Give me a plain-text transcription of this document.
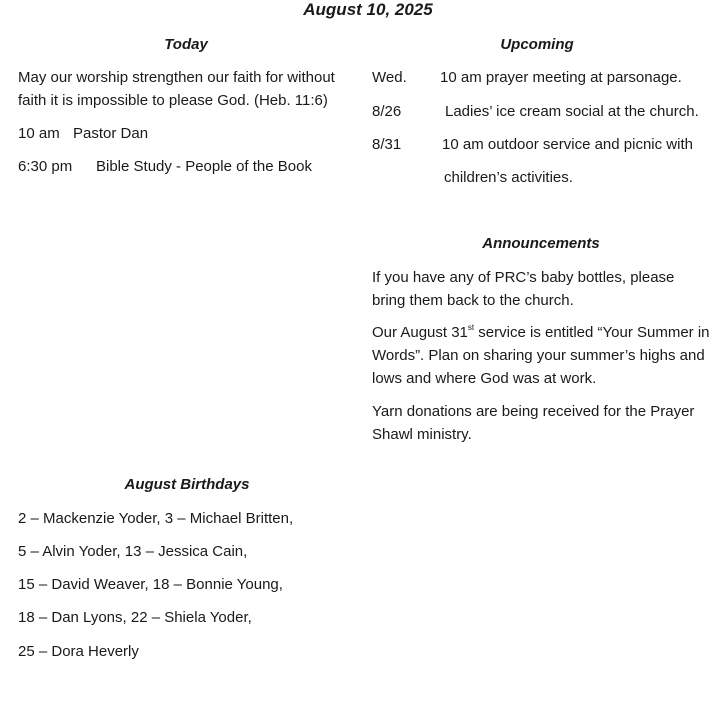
August 10, 2025
Today
May our worship strengthen our faith for without faith it is impossible to please God. (Heb. 11:6)
10 am Pastor Dan
6:30 pm Bible Study - People of the Book
Upcoming
Wed. 10 am prayer meeting at parsonage.
8/26	Ladies’ ice cream social at the church.
8/31	10 am outdoor service and picnic with
children’s activities.
Announcements
If you have any of PRC’s baby bottles, please bring them back to the church.
Our August 31st service is entitled “Your Summer in Words”. Plan on sharing your summer’s highs and lows and where God was at work.
Yarn donations are being received for the Prayer Shawl ministry.
August Birthdays
2 – Mackenzie Yoder, 3 – Michael Britten,
5 – Alvin Yoder, 13 – Jessica Cain,
15 – David Weaver, 18 – Bonnie Young,
18 – Dan Lyons, 22 – Shiela Yoder,
25 – Dora Heverly
